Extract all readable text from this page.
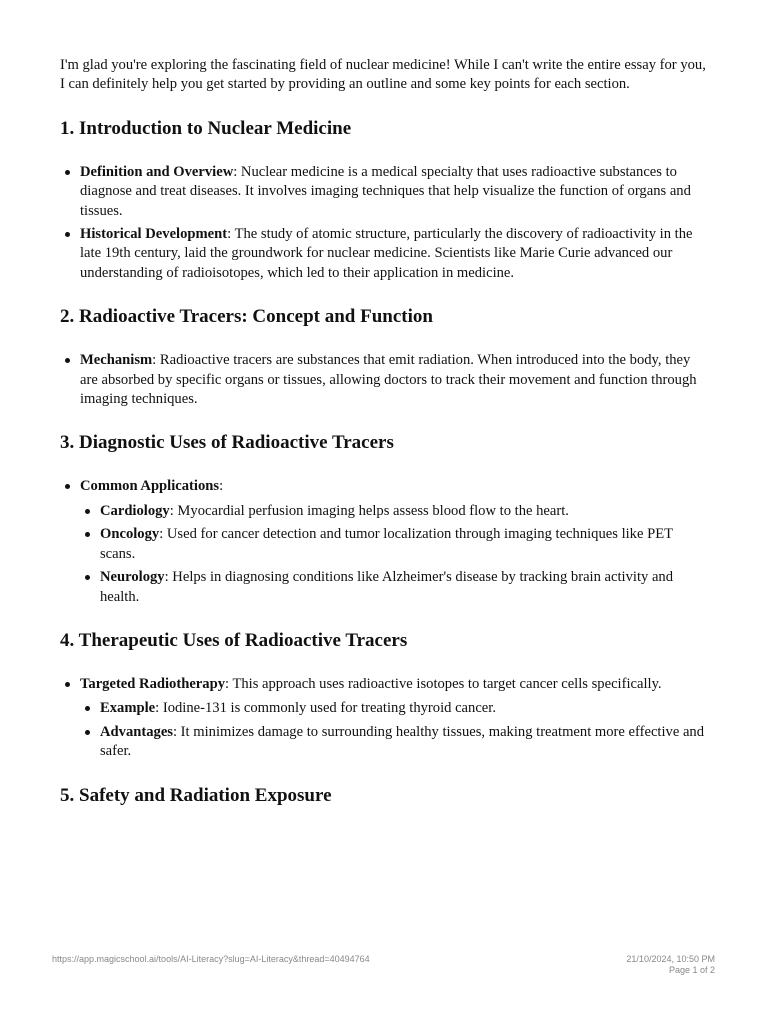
I'm glad you're exploring the fascinating field of nuclear medicine! While I can't write the entire essay for you, I can definitely help you get started by providing an outline and some key points for each section.

1. Introduction to Nuclear Medicine
Definition and Overview: Nuclear medicine is a medical specialty that uses radioactive substances to diagnose and treat diseases. It involves imaging techniques that help visualize the function of organs and tissues.
Historical Development: The study of atomic structure, particularly the discovery of radioactivity in the late 19th century, laid the groundwork for nuclear medicine. Scientists like Marie Curie advanced our understanding of radioisotopes, which led to their application in medicine.
2. Radioactive Tracers: Concept and Function
Mechanism: Radioactive tracers are substances that emit radiation. When introduced into the body, they are absorbed by specific organs or tissues, allowing doctors to track their movement and function through imaging techniques.
3. Diagnostic Uses of Radioactive Tracers
Common Applications:
Cardiology: Myocardial perfusion imaging helps assess blood flow to the heart.
Oncology: Used for cancer detection and tumor localization through imaging techniques like PET scans.
Neurology: Helps in diagnosing conditions like Alzheimer's disease by tracking brain activity and health.
4. Therapeutic Uses of Radioactive Tracers
Targeted Radiotherapy: This approach uses radioactive isotopes to target cancer cells specifically.
Example: Iodine-131 is commonly used for treating thyroid cancer.
Advantages: It minimizes damage to surrounding healthy tissues, making treatment more effective and safer.
5. Safety and Radiation Exposure
https://app.magicschool.ai/tools/AI-Literacy?slug=AI-Literacy&thread=40494764	21/10/2024, 10:50 PM
Page 1 of 2
